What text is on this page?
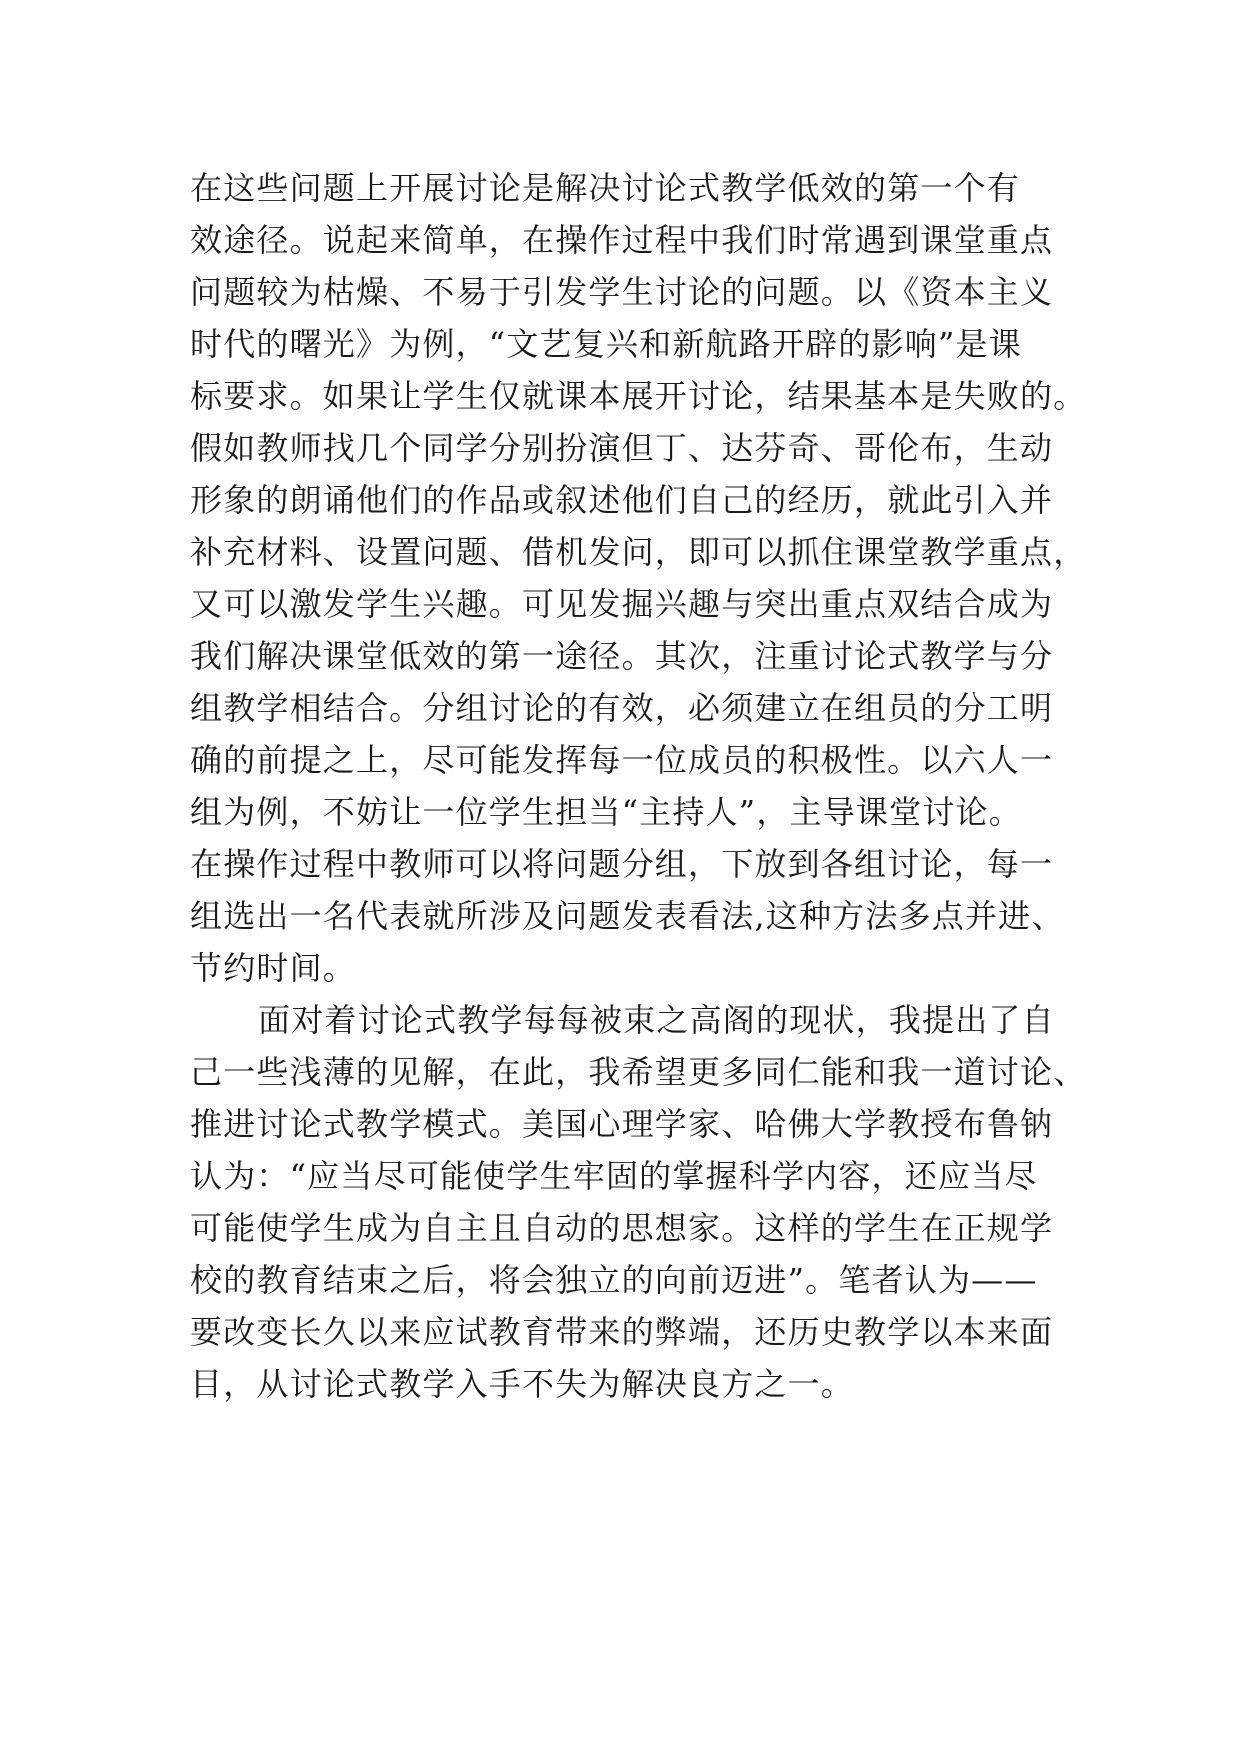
在这些问题上开展讨论是解决讨论式教学低效的第一个有
效途径。说起来简单，在操作过程中我们时常遇到课堂重点
问题较为枯燥、不易于引发学生讨论的问题。以《资本主义
时代的曙光》为例，“文艺复兴和新航路开辟的影响”是课
标要求。如果让学生仅就课本展开讨论，结果基本是失败的。
假如教师找几个同学分别扮演但丁、达芬奇、哥伦布，生动
形象的朗诵他们的作品或叙述他们自己的经历，就此引入并
补充材料、设置问题、借机发问，即可以抓住课堂教学重点，
又可以激发学生兴趣。可见发掘兴趣与突出重点双结合成为
我们解决课堂低效的第一途径。其次，注重讨论式教学与分
组教学相结合。分组讨论的有效，必须建立在组员的分工明
确的前提之上，尽可能发挥每一位成员的积极性。以六人一
组为例，不妨让一位学生担当“主持人”，主导课堂讨论。
在操作过程中教师可以将问题分组，下放到各组讨论，每一
组选出一名代表就所涉及问题发表看法,这种方法多点并进、
节约时间。
面对着讨论式教学每每被束之高阁的现状，我提出了自
己一些浅薄的见解，在此，我希望更多同仁能和我一道讨论、
推进讨论式教学模式。美国心理学家、哈佛大学教授布鲁钠
认为：“应当尽可能使学生牢固的掌握科学内容，还应当尽
可能使学生成为自主且自动的思想家。这样的学生在正规学
校的教育结束之后，将会独立的向前迈进”。笔者认为——
要改变长久以来应试教育带来的弊端，还历史教学以本来面
目，从讨论式教学入手不失为解决良方之一。
